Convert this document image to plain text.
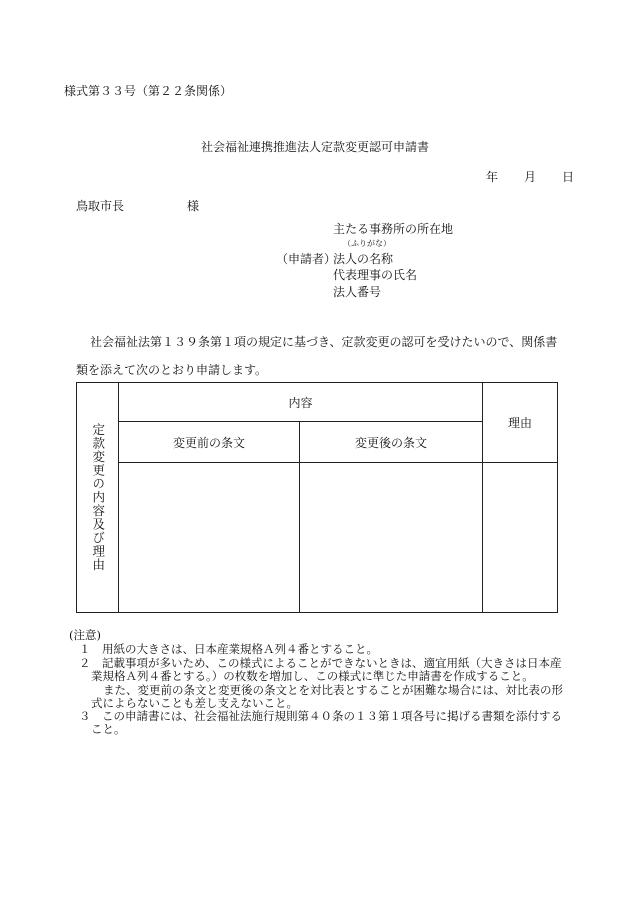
様式第３３号（第２２条関係）
社会福祉連携推進法人定款変更認可申請書
年 月 日
鳥取市長	様
主たる事務所の所在地
（ふりがな）
（申請者）
法人の名称
代表理事の氏名
法人番号
社会福祉法第１３９条第１項の規定に基づき、定款変更の認可を受けたいので、関係書
類を添えて次のとおり申請します。
定款変更の内容及び理由
内容
変更前の条文	変更後の条文
理由
(注意)
１　用紙の大きさは、日本産業規格Ａ列４番とすること。
２　記載事項が多いため、この様式によることができないときは、適宜用紙（大きさは日本産
業規格Ａ列４番とする。）の枚数を増加し、この様式に準じた申請書を作成すること。
また、変更前の条文と変更後の条文とを対比表とすることが困難な場合には、対比表の形
式によらないことも差し支えないこと。
３　この申請書には、社会福祉法施行規則第４０条の１３第１項各号に掲げる書類を添付する
こと。
